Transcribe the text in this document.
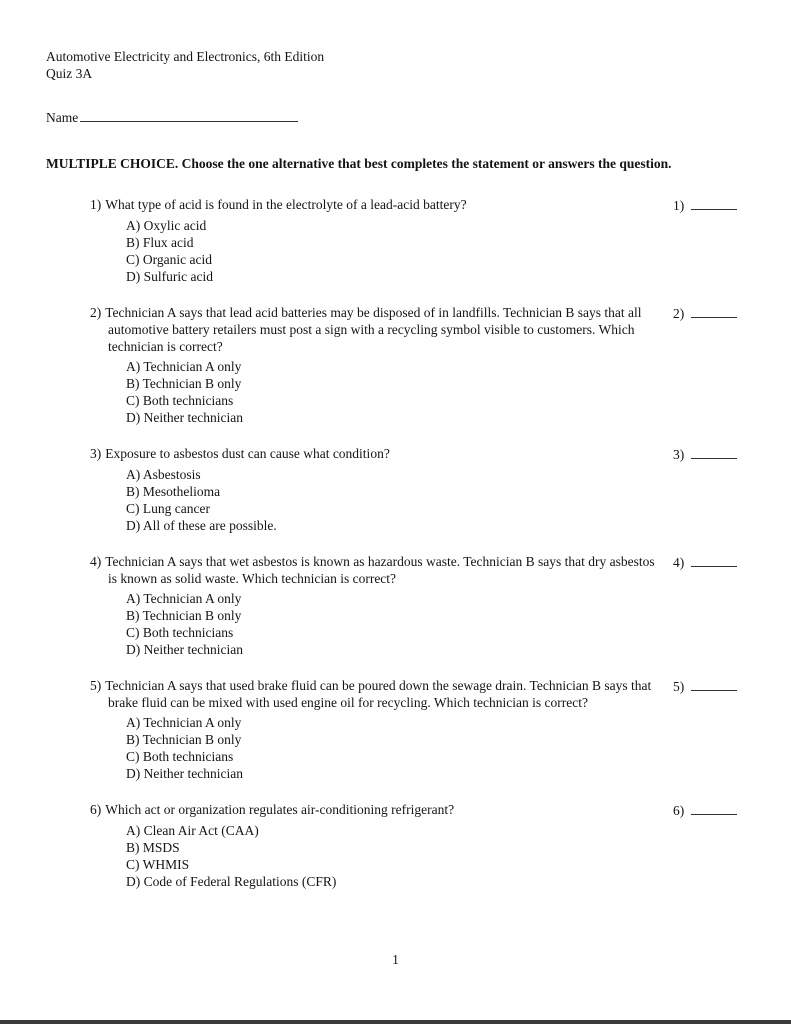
Automotive Electricity and Electronics, 6th Edition
Quiz 3A
Name
MULTIPLE CHOICE. Choose the one alternative that best completes the statement or answers the question.
1) What type of acid is found in the electrolyte of a lead-acid battery?	1)
A) Oxylic acid
B) Flux acid
C) Organic acid
D) Sulfuric acid
2) Technician A says that lead acid batteries may be disposed of in landfills. Technician B says that all automotive battery retailers must post a sign with a recycling symbol visible to customers. Which technician is correct?
2)
A) Technician A only
B) Technician B only
C) Both technicians
D) Neither technician
3) Exposure to asbestos dust can cause what condition?	3)
A) Asbestosis
B) Mesothelioma
C) Lung cancer
D) All of these are possible.
4) Technician A says that wet asbestos is known as hazardous waste. Technician B says that dry asbestos is known as solid waste. Which technician is correct?
4)
A) Technician A only
B) Technician B only
C) Both technicians
D) Neither technician
5) Technician A says that used brake fluid can be poured down the sewage drain. Technician B says that brake fluid can be mixed with used engine oil for recycling. Which technician is correct?
5)
A) Technician A only
B) Technician B only
C) Both technicians
D) Neither technician
6) Which act or organization regulates air-conditioning refrigerant?	6)
A) Clean Air Act (CAA)
B) MSDS
C) WHMIS
D) Code of Federal Regulations (CFR)
1
